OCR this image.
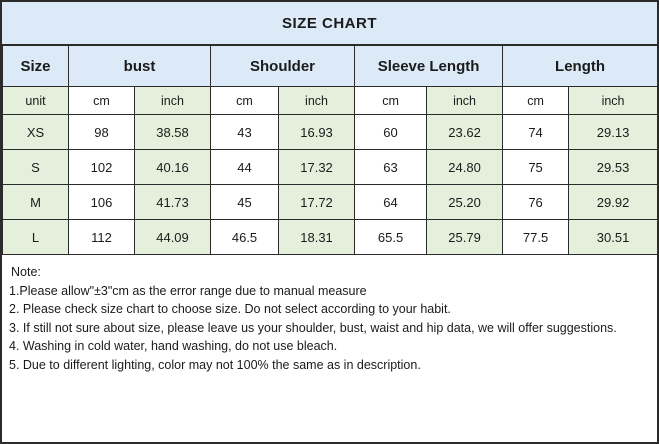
SIZE CHART
Size	bust		Shoulder		Sleeve Length		Length	
unit	cm	inch	cm	inch	cm	inch	cm	inch
XS	98	38.58	43	16.93	60	23.62	74	29.13
S	102	40.16	44	17.32	63	24.80	75	29.53
M	106	41.73	45	17.72	64	25.20	76	29.92
L	112	44.09	46.5	18.31	65.5	25.79	77.5	30.51
Note:
1.Please allow"±3"cm as the error range due to manual measure
2. Please check size chart to choose size. Do not select according to your habit.
3. If still not sure about size, please leave us your shoulder, bust, waist and hip data, we will offer suggestions.
4. Washing in cold water, hand washing, do not use bleach.
5. Due to different lighting, color may not 100% the same as in description.
